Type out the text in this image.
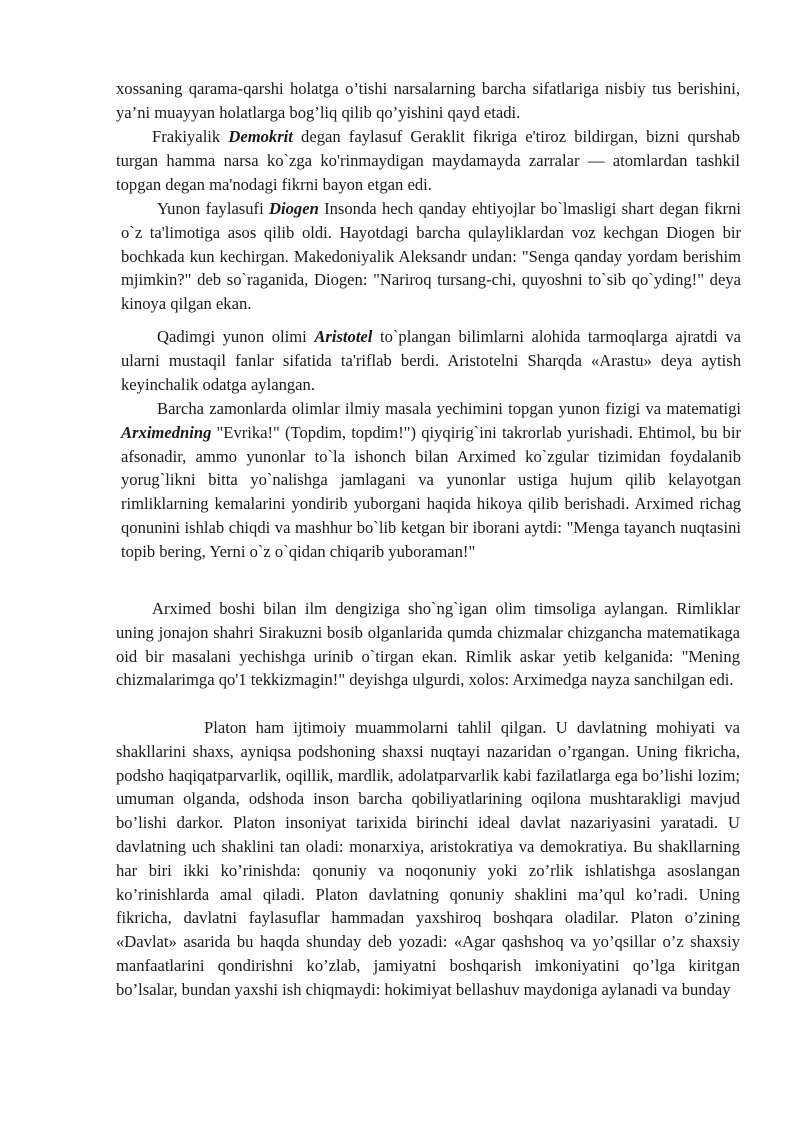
xossaning qarama-qarshi holatga o’tishi narsalarning barcha sifatlariga nisbiy tus berishini, ya’ni muayyan holatlarga bog’liq qilib qo’yishini qayd etadi.

Frakiyalik Demokrit degan faylasuf Geraklit fikriga e'tiroz bildirgan, bizni qurshab turgan hamma narsa ko`zga ko'rinmaydigan maydamayda zarralar — atomlardan tashkil topgan degan ma'nodagi fikrni bayon etgan edi.

Yunon faylasufi Diogen Insonda hech qanday ehtiyojlar bo`lmasligi shart degan fikrni o`z ta'limotiga asos qilib oldi. Hayotdagi barcha qulayliklardan voz kechgan Diogen bir bochkada kun kechirgan. Makedoniyalik Aleksandr undan: "Senga qanday yordam berishim mjimkin?" deb so`raganida, Diogen: "Nariroq tursang-chi, quyoshni to`sib qo`yding!" deya kinoya qilgan ekan.

Qadimgi yunon olimi Aristotel to`plangan bilimlarni alohida tarmoqlarga ajratdi va ularni mustaqil fanlar sifatida ta'riflab berdi. Aristotelni Sharqda «Arastu» deya aytish keyinchalik odatga aylangan.

Barcha zamonlarda olimlar ilmiy masala yechimini topgan yunon fizigi va matematigi Arximedning "Evrika!" (Topdim, topdim!") qiyqirig`ini takrorlab yurishadi. Ehtimol, bu bir afsonadir, ammo yunonlar to`la ishonch bilan Arximed ko`zgular tizimidan foydalanib yorug`likni bitta yo`nalishga jamlagani va yunonlar ustiga hujum qilib kelayotgan rimliklarning kemalarini yondirib yuborgani haqida hikoya qilib berishadi. Arximed richag qonunini ishlab chiqdi va mashhur bo`lib ketgan bir iborani aytdi: "Menga tayanch nuqtasini topib bering, Yerni o`z o`qidan chiqarib yuboraman!"

Arximed boshi bilan ilm dengiziga sho`ng`igan olim timsoliga aylangan. Rimliklar uning jonajon shahri Sirakuzni bosib olganlarida qumda chizmalar chizgancha matematikaga oid bir masalani yechishga urinib o`tirgan ekan. Rimlik askar yetib kelganida: "Mening chizmalarimga qo'1 tekkizmagin!" deyishga ulgurdi, xolos: Arximedga nayza sanchilgan edi.

Platon ham ijtimoiy muammolarni tahlil qilgan. U davlatning mohiyati va shakllarini shaxs, ayniqsa podshoning shaxsi nuqtayi nazaridan o’rgangan. Uning fikricha, podsho haqiqatparvarlik, oqillik, mardlik, adolatparvarlik kabi fazilatlarga ega bo’lishi lozim; umuman olganda, odshoda inson barcha qobiliyatlarining oqilona mushtarakligi mavjud bo’lishi darkor. Platon insoniyat tarixida birinchi ideal davlat nazariyasini yaratadi. U davlatning uch shaklini tan oladi: monarxiya, aristokratiya va demokratiya. Bu shakllarning har biri ikki ko’rinishda: qonuniy va noqonuniy yoki zo’rlik ishlatishga asoslangan ko’rinishlarda amal qiladi. Platon davlatning qonuniy shaklini ma’qul ko’radi. Uning fikricha, davlatni faylasuflar hammadan yaxshiroq boshqara oladilar. Platon o’zining «Davlat» asarida bu haqda shunday deb yozadi: «Agar qashshoq va yo’qsillar o’z shaxsiy manfaatlarini qondirishni ko’zlab, jamiyatni boshqarish imkoniyatini qo’lga kiritgan bo’lsalar, bundan yaxshi ish chiqmaydi: hokimiyat bellashuv maydoniga aylanadi va bunday
